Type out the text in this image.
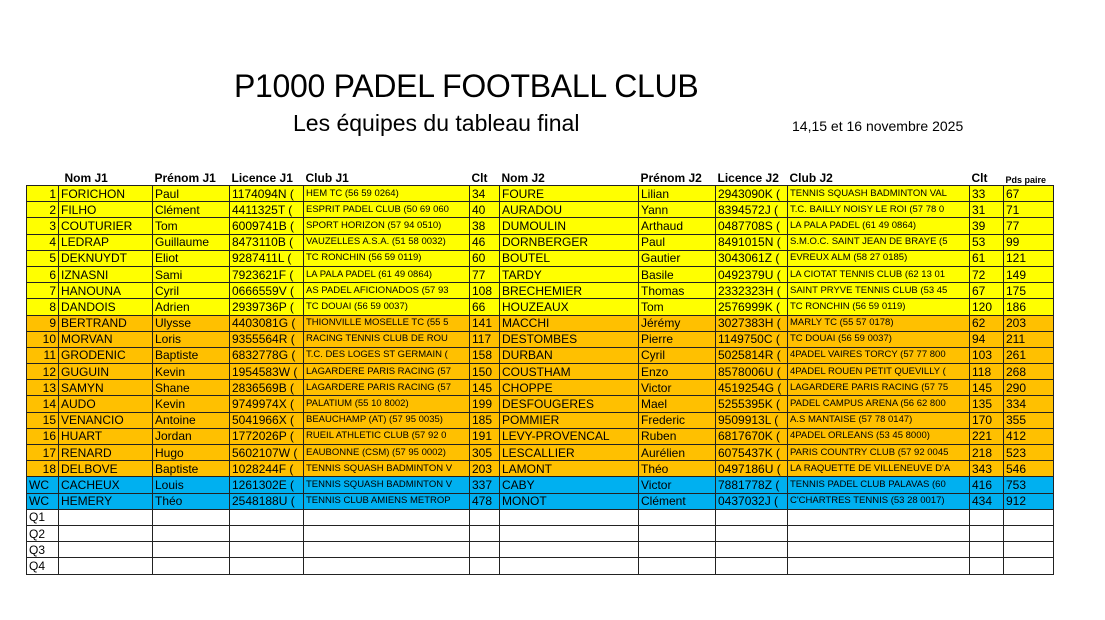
P1000 PADEL FOOTBALL CLUB
Les équipes du tableau final	14,15 et 16 novembre 2025
	Nom J1	Prénom J1	Licence J1	Club J1	Clt	Nom J2	Prénom J2	Licence J2	Club J2	Clt	Pds paire
1	FORICHON	Paul	1174094N (	HEM TC (56 59 0264)	34	FOURE	Lilian	2943090K (	TENNIS SQUASH BADMINTON VAL	33	67
2	FILHO	Clément	4411325T (	ESPRIT PADEL CLUB (50 69 060	40	AURADOU	Yann	8394572J (	T.C. BAILLY NOISY LE ROI (57 78 0	31	71
3	COUTURIER	Tom	6009741B (	SPORT HORIZON (57 94 0510)	38	DUMOULIN	Arthaud	0487708S (	LA PALA PADEL (61 49 0864)	39	77
4	LEDRAP	Guillaume	8473110B (	VAUZELLES A.S.A. (51 58 0032)	46	DORNBERGER	Paul	8491015N (	S.M.O.C. SAINT JEAN DE BRAYE (5	53	99
5	DEKNUYDT	Eliot	9287411L (	TC RONCHIN (56 59 0119)	60	BOUTEL	Gautier	3043061Z (	EVREUX ALM (58 27 0185)	61	121
6	IZNASNI	Sami	7923621F (	LA PALA PADEL (61 49 0864)	77	TARDY	Basile	0492379U (	LA CIOTAT TENNIS CLUB (62 13 01	72	149
7	HANOUNA	Cyril	0666559V (	AS PADEL AFICIONADOS (57 93	108	BRECHEMIER	Thomas	2332323H (	SAINT PRYVE TENNIS CLUB (53 45	67	175
8	DANDOIS	Adrien	2939736P (	TC DOUAI (56 59 0037)	66	HOUZEAUX	Tom	2576999K (	TC RONCHIN (56 59 0119)	120	186
9	BERTRAND	Ulysse	4403081G (	THIONVILLE MOSELLE TC (55 5	141	MACCHI	Jérémy	3027383H (	MARLY TC (55 57 0178)	62	203
10	MORVAN	Loris	9355564R (	RACING TENNIS CLUB DE ROU	117	DESTOMBES	Pierre	1149750C (	TC DOUAI (56 59 0037)	94	211
11	GRODENIC	Baptiste	6832778G (	T.C. DES LOGES ST GERMAIN (	158	DURBAN	Cyril	5025814R (	4PADEL VAIRES TORCY (57 77 800	103	261
12	GUGUIN	Kevin	1954583W (	LAGARDERE PARIS RACING (57	150	COUSTHAM	Enzo	8578006U (	4PADEL ROUEN PETIT QUEVILLY (	118	268
13	SAMYN	Shane	2836569B (	LAGARDERE PARIS RACING (57	145	CHOPPE	Victor	4519254G (	LAGARDERE PARIS RACING (57 75	145	290
14	AUDO	Kevin	9749974X (	PALATIUM (55 10 8002)	199	DESFOUGERES	Mael	5255395K (	PADEL CAMPUS ARENA (56 62 800	135	334
15	VENANCIO	Antoine	5041966X (	BEAUCHAMP (AT) (57 95 0035)	185	POMMIER	Frederic	9509913L (	A.S MANTAISE (57 78 0147)	170	355
16	HUART	Jordan	1772026P (	RUEIL ATHLETIC CLUB (57 92 0	191	LEVY-PROVENCAL	Ruben	6817670K (	4PADEL ORLEANS (53 45 8000)	221	412
17	RENARD	Hugo	5602107W (	EAUBONNE (CSM) (57 95 0002)	305	LESCALLIER	Aurélien	6075437K (	PARIS COUNTRY CLUB (57 92 0045	218	523
18	DELBOVE	Baptiste	1028244F (	TENNIS SQUASH BADMINTON V	203	LAMONT	Théo	0497186U (	LA RAQUETTE DE VILLENEUVE D'A	343	546
WC	CACHEUX	Louis	1261302E (	TENNIS SQUASH BADMINTON V	337	CABY	Victor	7881778Z (	TENNIS PADEL CLUB PALAVAS (60	416	753
WC	HEMERY	Théo	2548188U (	TENNIS CLUB AMIENS METROP	478	MONOT	Clément	0437032J (	C'CHARTRES TENNIS (53 28 0017)	434	912
Q1											
Q2											
Q3											
Q4											
